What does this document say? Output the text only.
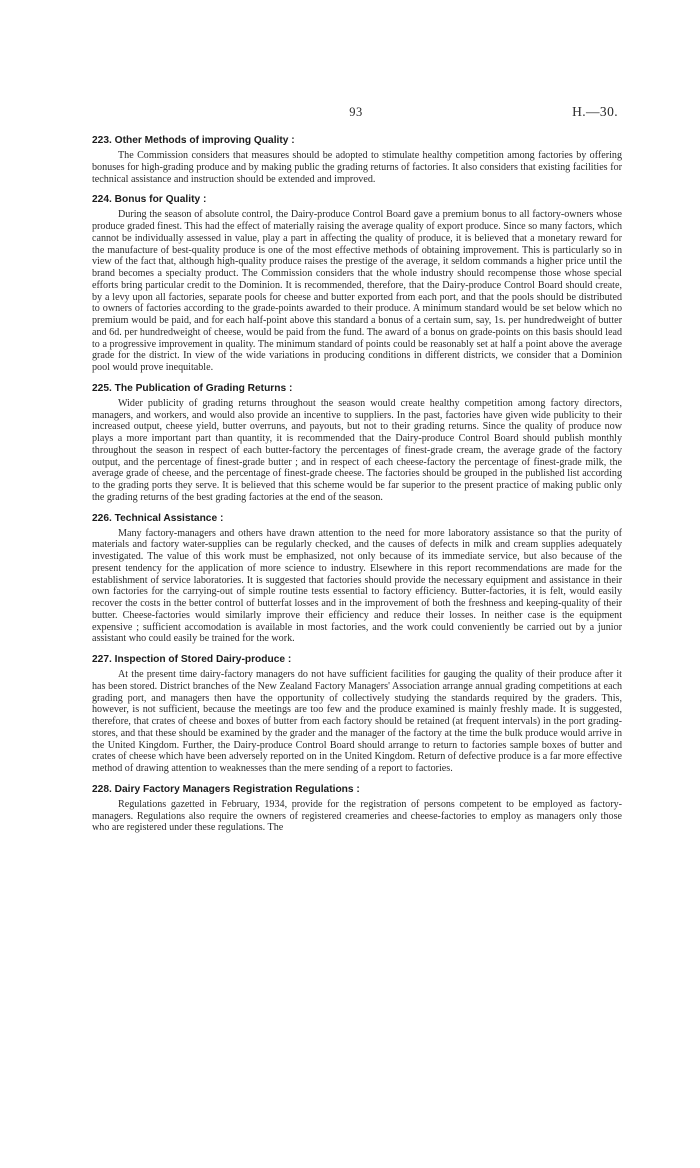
93	H.—30.
223. Other Methods of improving Quality :

The Commission considers that measures should be adopted to stimulate healthy competition among factories by offering bonuses for high-grading produce and by making public the grading returns of factories. It also considers that existing facilities for technical assistance and instruction should be extended and improved.

224. Bonus for Quality :

During the season of absolute control, the Dairy-produce Control Board gave a premium bonus to all factory-owners whose produce graded finest. This had the effect of materially raising the average quality of export produce. Since so many factors, which cannot be individually assessed in value, play a part in affecting the quality of produce, it is believed that a monetary reward for the manufacture of best-quality produce is one of the most effective methods of obtaining improvement. This is particularly so in view of the fact that, although high-quality produce raises the prestige of the average, it seldom commands a higher price until the brand becomes a specialty product. The Commission considers that the whole industry should recompense those whose special efforts bring particular credit to the Dominion. It is recommended, therefore, that the Dairy-produce Control Board should create, by a levy upon all factories, separate pools for cheese and butter exported from each port, and that the pools should be distributed to owners of factories according to the grade-points awarded to their produce. A minimum standard would be set below which no premium would be paid, and for each half-point above this standard a bonus of a certain sum, say, 1s. per hundredweight of butter and 6d. per hundredweight of cheese, would be paid from the fund. The award of a bonus on grade-points on this basis should lead to a progressive improvement in quality. The minimum standard of points could be reasonably set at half a point above the average grade for the district. In view of the wide variations in producing conditions in different districts, we consider that a Dominion pool would prove inequitable.

225. The Publication of Grading Returns :

Wider publicity of grading returns throughout the season would create healthy competition among factory directors, managers, and workers, and would also provide an incentive to suppliers. In the past, factories have given wide publicity to their increased output, cheese yield, butter overruns, and payouts, but not to their grading returns. Since the quality of produce now plays a more important part than quantity, it is recommended that the Dairy-produce Control Board should publish monthly throughout the season in respect of each butter-factory the percentages of finest-grade cream, the average grade of the factory output, and the percentage of finest-grade butter ; and in respect of each cheese-factory the percentage of finest-grade milk, the average grade of cheese, and the percentage of finest-grade cheese. The factories should be grouped in the published list according to the grading ports they serve. It is believed that this scheme would be far superior to the present practice of making public only the grading returns of the best grading factories at the end of the season.

226. Technical Assistance :

Many factory-managers and others have drawn attention to the need for more laboratory assistance so that the purity of materials and factory water-supplies can be regularly checked, and the causes of defects in milk and cream supplies adequately investigated. The value of this work must be emphasized, not only because of its immediate service, but also because of the present tendency for the application of more science to industry. Elsewhere in this report recommendations are made for the establishment of service laboratories. It is suggested that factories should provide the necessary equipment and assistance in their own factories for the carrying-out of simple routine tests essential to factory efficiency. Butter-factories, it is felt, would easily recover the costs in the better control of butterfat losses and in the improvement of both the freshness and keeping-quality of their butter. Cheese-factories would similarly improve their efficiency and reduce their losses. In neither case is the equipment expensive ; sufficient accomodation is available in most factories, and the work could conveniently be carried out by a junior assistant who could easily be trained for the work.

227. Inspection of Stored Dairy-produce :

At the present time dairy-factory managers do not have sufficient facilities for gauging the quality of their produce after it has been stored. District branches of the New Zealand Factory Managers' Association arrange annual grading competitions at each grading port, and managers then have the opportunity of collectively studying the standards required by the graders. This, however, is not sufficient, because the meetings are too few and the produce examined is mainly freshly made. It is suggested, therefore, that crates of cheese and boxes of butter from each factory should be retained (at frequent intervals) in the port grading-stores, and that these should be examined by the grader and the manager of the factory at the time the bulk produce would arrive in the United Kingdom. Further, the Dairy-produce Control Board should arrange to return to factories sample boxes of butter and crates of cheese which have been adversely reported on in the United Kingdom. Return of defective produce is a far more effective method of drawing attention to weaknesses than the mere sending of a report to factories.

228. Dairy Factory Managers Registration Regulations :

Regulations gazetted in February, 1934, provide for the registration of persons competent to be employed as factory-managers. Regulations also require the owners of registered creameries and cheese-factories to employ as managers only those who are registered under these regulations. The
